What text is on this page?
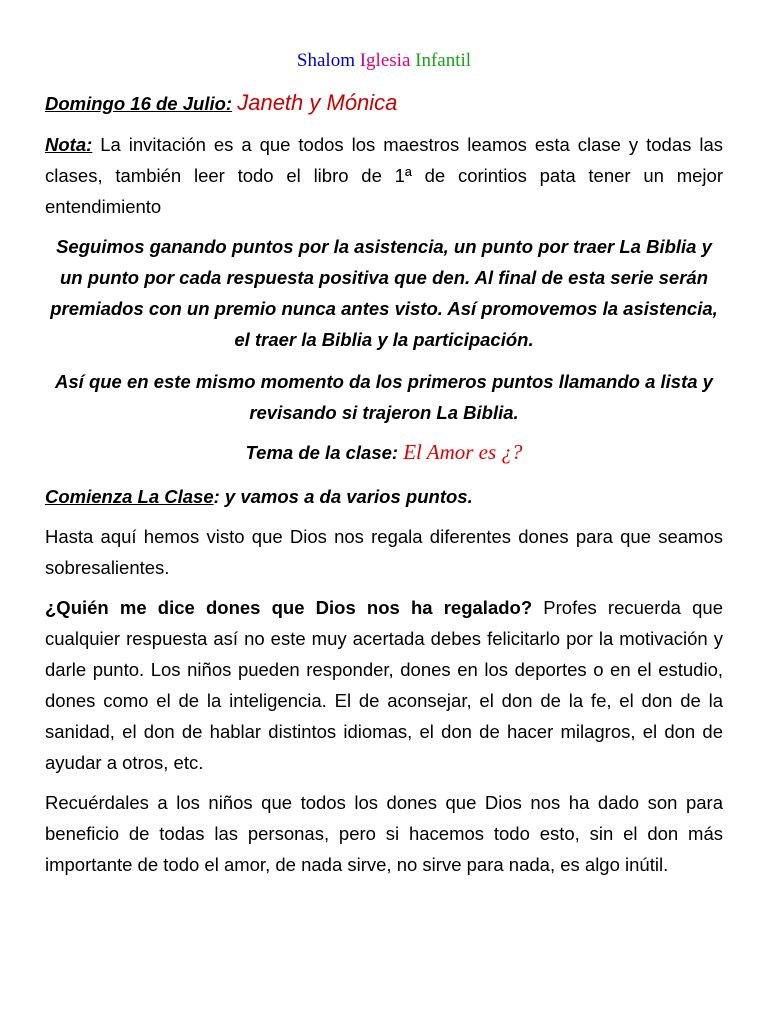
Shalom Iglesia Infantil
Domingo 16 de Julio: Janeth y Mónica
Nota: La invitación es a que todos los maestros leamos esta clase y todas las clases, también leer todo el libro de 1ª de corintios pata tener un mejor entendimiento
Seguimos ganando puntos por la asistencia, un punto por traer La Biblia y un punto por cada respuesta positiva que den. Al final de esta serie serán premiados con un premio nunca antes visto. Así promovemos la asistencia, el traer la Biblia y la participación.
Así que en este mismo momento da los primeros puntos llamando a lista y revisando si trajeron La Biblia.
Tema de la clase: El Amor es ¿?
Comienza La Clase: y vamos a da varios puntos.
Hasta aquí hemos visto que Dios nos regala diferentes dones para que seamos sobresalientes.
¿Quién me dice dones que Dios nos ha regalado? Profes recuerda que cualquier respuesta así no este muy acertada debes felicitarlo por la motivación y darle punto. Los niños pueden responder, dones en los deportes o en el estudio, dones como el de la inteligencia. El de aconsejar, el don de la fe, el don de la sanidad, el don de hablar distintos idiomas, el don de hacer milagros, el don de ayudar a otros, etc.
Recuérdales a los niños que todos los dones que Dios nos ha dado son para beneficio de todas las personas, pero si hacemos todo esto, sin el don más importante de todo el amor, de nada sirve, no sirve para nada, es algo inútil.
